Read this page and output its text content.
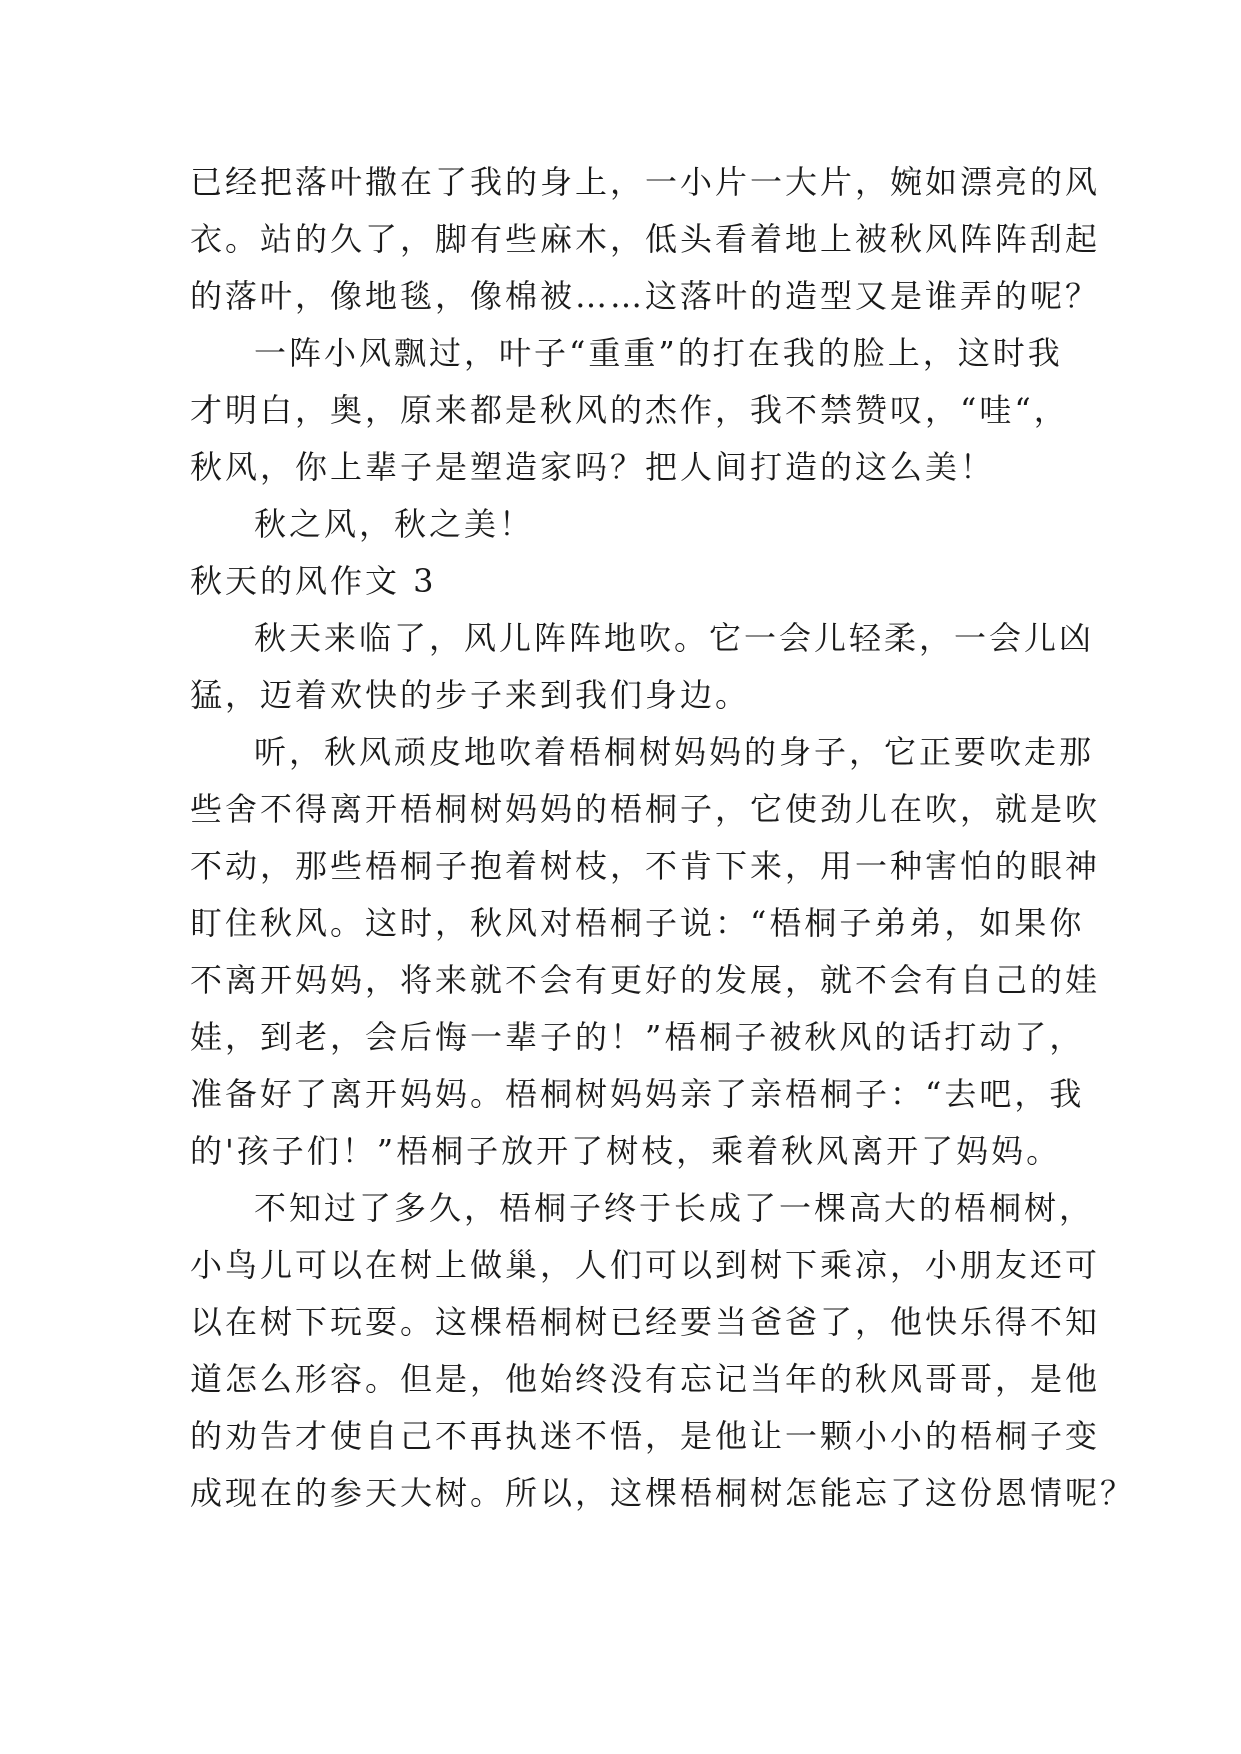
已经把落叶撒在了我的身上，一小片一大片，婉如漂亮的风
衣。站的久了，脚有些麻木，低头看着地上被秋风阵阵刮起
的落叶，像地毯，像棉被……这落叶的造型又是谁弄的呢？
一阵小风飘过，叶子“重重”的打在我的脸上，这时我
才明白，奥，原来都是秋风的杰作，我不禁赞叹，“哇“，
秋风，你上辈子是塑造家吗？把人间打造的这么美！
秋之风，秋之美！
秋天的风作文 3
秋天来临了，风儿阵阵地吹。它一会儿轻柔，一会儿凶
猛，迈着欢快的步子来到我们身边。
听，秋风顽皮地吹着梧桐树妈妈的身子，它正要吹走那
些舍不得离开梧桐树妈妈的梧桐子，它使劲儿在吹，就是吹
不动，那些梧桐子抱着树枝，不肯下来，用一种害怕的眼神
盯住秋风。这时，秋风对梧桐子说：“梧桐子弟弟，如果你
不离开妈妈，将来就不会有更好的发展，就不会有自己的娃
娃，到老，会后悔一辈子的！”梧桐子被秋风的话打动了，
准备好了离开妈妈。梧桐树妈妈亲了亲梧桐子：“去吧，我
的'孩子们！”梧桐子放开了树枝，乘着秋风离开了妈妈。
不知过了多久，梧桐子终于长成了一棵高大的梧桐树，
小鸟儿可以在树上做巢，人们可以到树下乘凉，小朋友还可
以在树下玩耍。这棵梧桐树已经要当爸爸了，他快乐得不知
道怎么形容。但是，他始终没有忘记当年的秋风哥哥，是他
的劝告才使自己不再执迷不悟，是他让一颗小小的梧桐子变
成现在的参天大树。所以，这棵梧桐树怎能忘了这份恩情呢？
